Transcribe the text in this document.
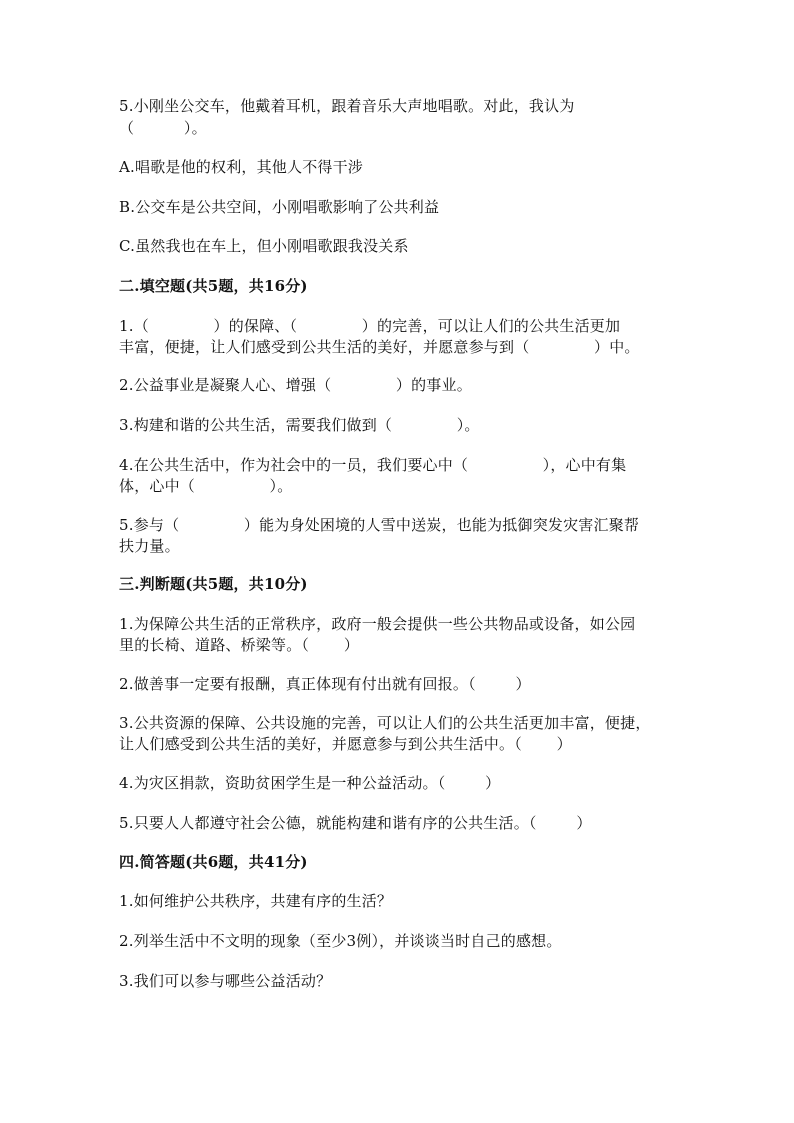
5.小刚坐公交车，他戴着耳机，跟着音乐大声地唱歌。对此，我认为
（          ）。
A.唱歌是他的权利，其他人不得干涉
B.公交车是公共空间，小刚唱歌影响了公共利益
C.虽然我也在车上，但小刚唱歌跟我没关系
二.填空题(共5题，共16分)
1.（             ）的保障、（             ）的完善，可以让人们的公共生活更加
丰富，便捷，让人们感受到公共生活的美好，并愿意参与到（             ）中。
2.公益事业是凝聚人心、增强（             ）的事业。
3.构建和谐的公共生活，需要我们做到（             ）。
4.在公共生活中，作为社会中的一员，我们要心中（               ），心中有集
体，心中（               ）。
5.参与（             ）能为身处困境的人雪中送炭，也能为抵御突发灾害汇聚帮
扶力量。
三.判断题(共5题，共10分)
1.为保障公共生活的正常秩序，政府一般会提供一些公共物品或设备，如公园
里的长椅、道路、桥梁等。（       ）
2.做善事一定要有报酬，真正体现有付出就有回报。（        ）
3.公共资源的保障、公共设施的完善，可以让人们的公共生活更加丰富，便捷，
让人们感受到公共生活的美好，并愿意参与到公共生活中。（       ）
4.为灾区捐款，资助贫困学生是一种公益活动。（        ）
5.只要人人都遵守社会公德，就能构建和谐有序的公共生活。（        ）
四.简答题(共6题，共41分)
1.如何维护公共秩序，共建有序的生活？
2.列举生活中不文明的现象（至少3例），并谈谈当时自己的感想。
3.我们可以参与哪些公益活动？
